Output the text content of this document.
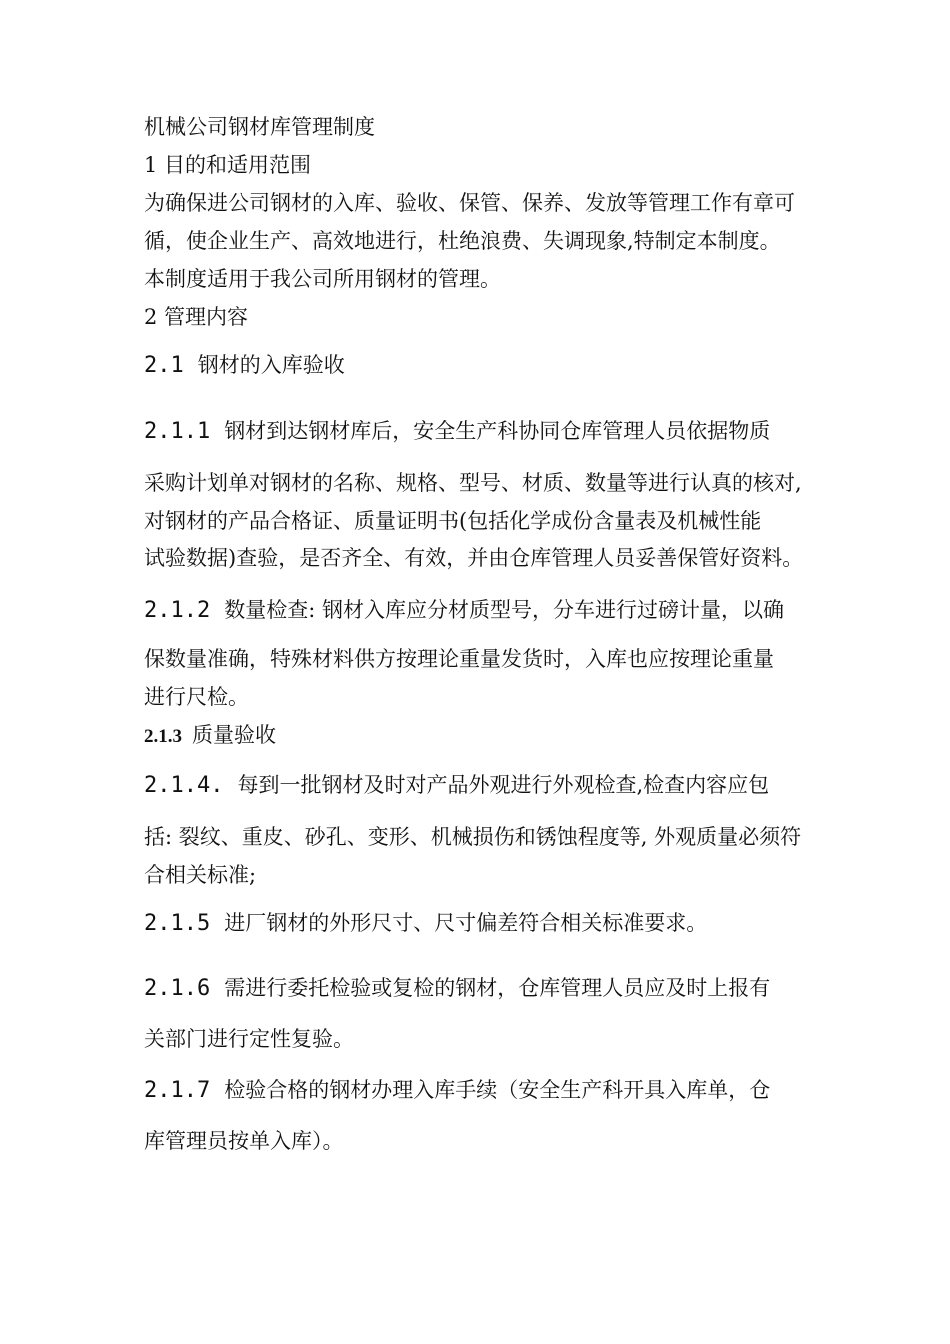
机械公司钢材库管理制度
1 目的和适用范围
为确保进公司钢材的入库、验收、保管、保养、发放等管理工作有章可
循，使企业生产、高效地进行，杜绝浪费、失调现象,特制定本制度。
本制度适用于我公司所用钢材的管理。
2 管理内容
2.1 钢材的入库验收
2.1.1 钢材到达钢材库后，安全生产科协同仓库管理人员依据物质
采购计划单对钢材的名称、规格、型号、材质、数量等进行认真的核对,
对钢材的产品合格证、质量证明书(包括化学成份含量表及机械性能
试验数据)查验，是否齐全、有效，并由仓库管理人员妥善保管好资料。
2.1.2 数量检查: 钢材入库应分材质型号，分车进行过磅计量，以确
保数量准确，特殊材料供方按理论重量发货时，入库也应按理论重量
进行尺检。
2.1.3 质量验收
2.1.4. 每到一批钢材及时对产品外观进行外观检查,检查内容应包
括: 裂纹、重皮、砂孔、变形、机械损伤和锈蚀程度等, 外观质量必须符
合相关标准;
2.1.5 进厂钢材的外形尺寸、尺寸偏差符合相关标准要求。
2.1.6 需进行委托检验或复检的钢材，仓库管理人员应及时上报有
关部门进行定性复验。
2.1.7 检验合格的钢材办理入库手续（安全生产科开具入库单，仓
库管理员按单入库）。
